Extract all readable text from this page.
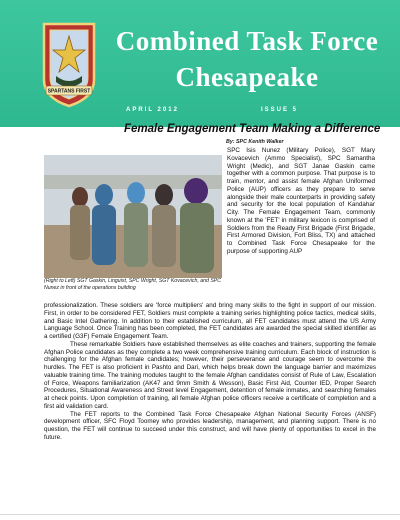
SPARTANS FIRST
Combined Task Force
Chesapeake
APRIL 2012	ISSUE 5
Female Engagement Team Making a Difference
By: SPC Kenith Walker
(Right to Left) SGT Gaskin, Linguist, SPC Wright, SGT Kovacevich, and SPC Nunez in front of the operations building

SPC Isis Nunez (Military Police), SGT Mary Kovacevich (Ammo Specialist), SPC Samantha Wright (Medic), and SGT Janae Gaskin came together with a common purpose. That purpose is to train, mentor, and assist female Afghan Uniformed Police (AUP) officers as they prepare to serve alongside their male counterparts in providing safety and security for the local population of Kandahar City. The Female Engagement Team, commonly known at the 'FET' in military lexicon is comprised of Soldiers from the Ready First Brigade (First Brigade, First Armored Division, Fort Bliss, TX) and attached to Combined Task Force Chesapeake for the purpose of supporting AUP

professionalization. These soldiers are 'force multipliers' and bring many skills to the fight in support of our mission. First, in order to be considered FET, Soldiers must complete a training series highlighting police tactics, medical skills, and Basic Intel Gathering. In addition to their established curriculum, all FET candidates must attend the US Army Language School. Once Training has been completed, the FET candidates are awarded the special skilled identifier as a certified (G3F) Female Engagement Team.

These remarkable Soldiers have established themselves as elite coaches and trainers, supporting the female Afghan Police candidates as they complete a two week comprehensive training curriculum. Each block of instruction is challenging for the Afghan female candidates; however, their perseverance and courage seem to overcome the hurdles. The FET is also proficient in Pashto and Dari, which helps break down the language barrier and maximizes valuable training time. The training modules taught to the female Afghan candidates consist of Rule of Law, Escalation of Force, Weapons familiarization (AK47 and 9mm Smith & Wesson), Basic First Aid, Counter IED, Proper Search Procedures, Situational Awareness and Street level Engagement, detention of female inmates, and searching females at check points. Upon completion of training, all female Afghan police officers receive a certificate of completion and a first aid validation card.

The FET reports to the Combined Task Force Chesapeake Afghan National Security Forces (ANSF) development officer, SFC Floyd Toomey who provides leadership, management, and planning support. There is no question, the FET will continue to succeed under this construct, and will have plenty of opportunities to excel in the future.
